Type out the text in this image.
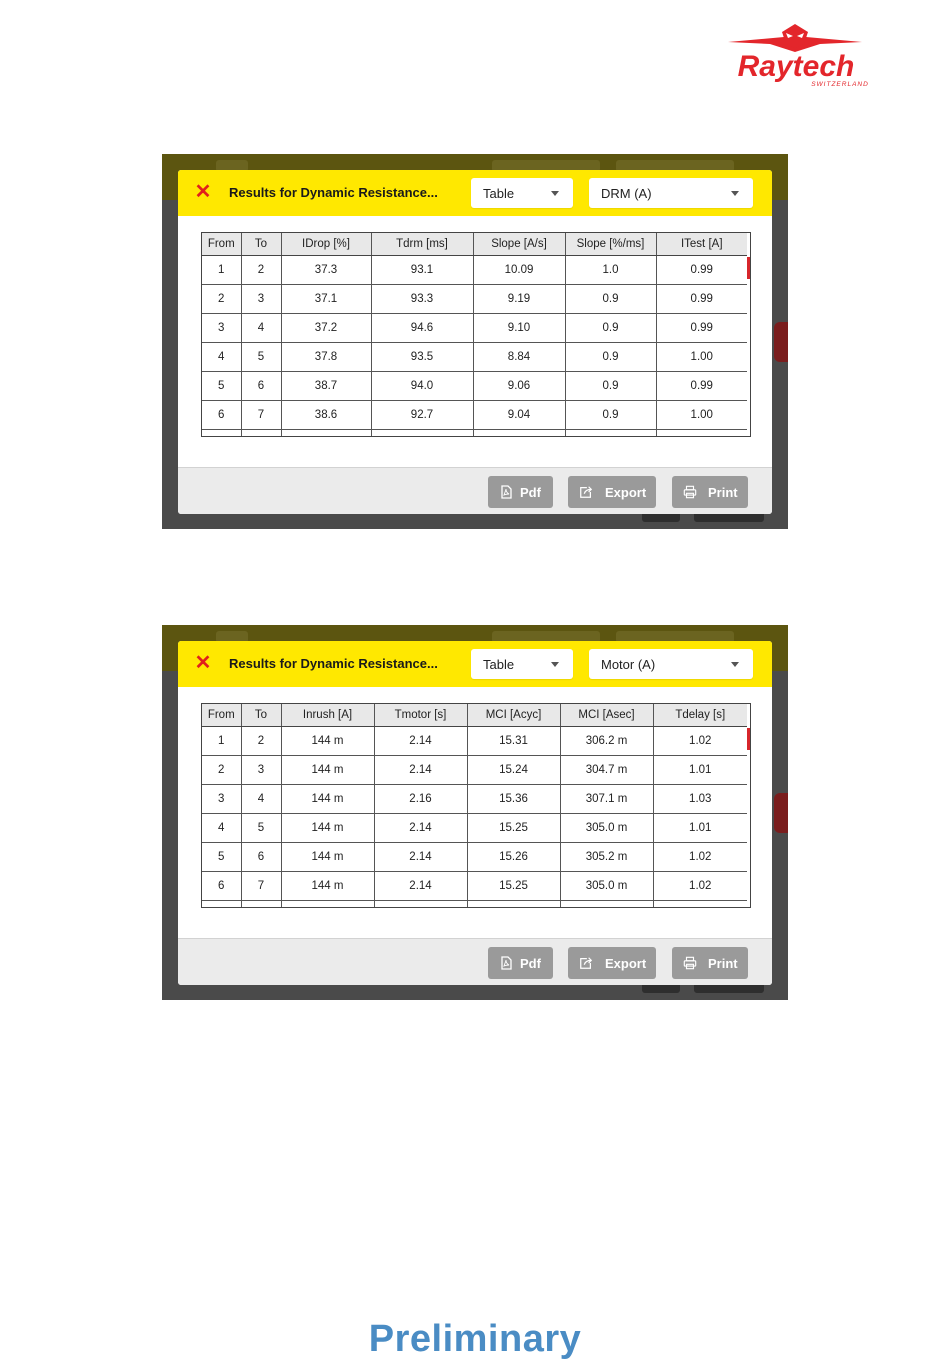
Raytech
SWITZERLAND
✕ Results for Dynamic Resistance...	Table	DRM (A)
From	To	IDrop [%]	Tdrm [ms]	Slope [A/s]	Slope [%/ms]	ITest [A]
1	2	37.3	93.1	10.09	1.0	0.99
2	3	37.1	93.3	9.19	0.9	0.99
3	4	37.2	94.6	9.10	0.9	0.99
4	5	37.8	93.5	8.84	0.9	1.00
5	6	38.7	94.0	9.06	0.9	0.99
6	7	38.6	92.7	9.04	0.9	1.00

Pdf	Export	Print
✕ Results for Dynamic Resistance...	Table	Motor (A)
From	To	Inrush [A]	Tmotor [s]	MCI [Acyc]	MCI [Asec]	Tdelay [s]
1	2	144 m	2.14	15.31	306.2 m	1.02
2	3	144 m	2.14	15.24	304.7 m	1.01
3	4	144 m	2.16	15.36	307.1 m	1.03
4	5	144 m	2.14	15.25	305.0 m	1.01
5	6	144 m	2.14	15.26	305.2 m	1.02
6	7	144 m	2.14	15.25	305.0 m	1.02

Pdf	Export	Print
Preliminary
